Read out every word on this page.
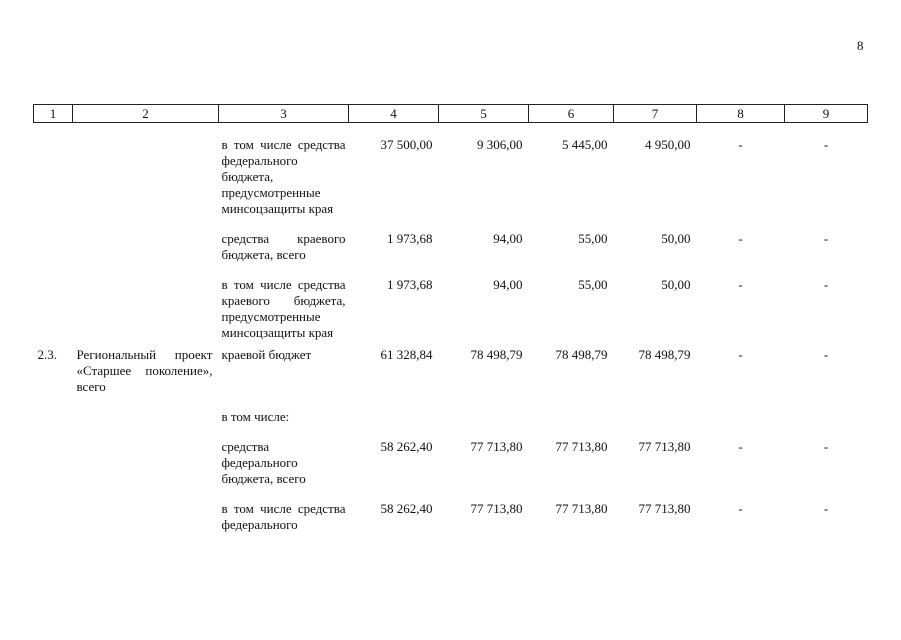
8
1	2	3	4	5	6	7	8	9
		в том числе средства федерального бюджета, предусмотренные минсоцзащиты края	37 500,00	9 306,00	5 445,00	4 950,00	-	-
		средства краевого бюджета, всего	1 973,68	94,00	55,00	50,00	-	-
		в том числе средства краевого бюджета, предусмотренные минсоцзащиты края	1 973,68	94,00	55,00	50,00	-	-
2.3.	Региональный проект «Старшее поколение», всего	краевой бюджет	61 328,84	78 498,79	78 498,79	78 498,79	-	-
		в том числе:						
		средства федерального бюджета, всего	58 262,40	77 713,80	77 713,80	77 713,80	-	-
		в том числе средства федерального	58 262,40	77 713,80	77 713,80	77 713,80	-	-
